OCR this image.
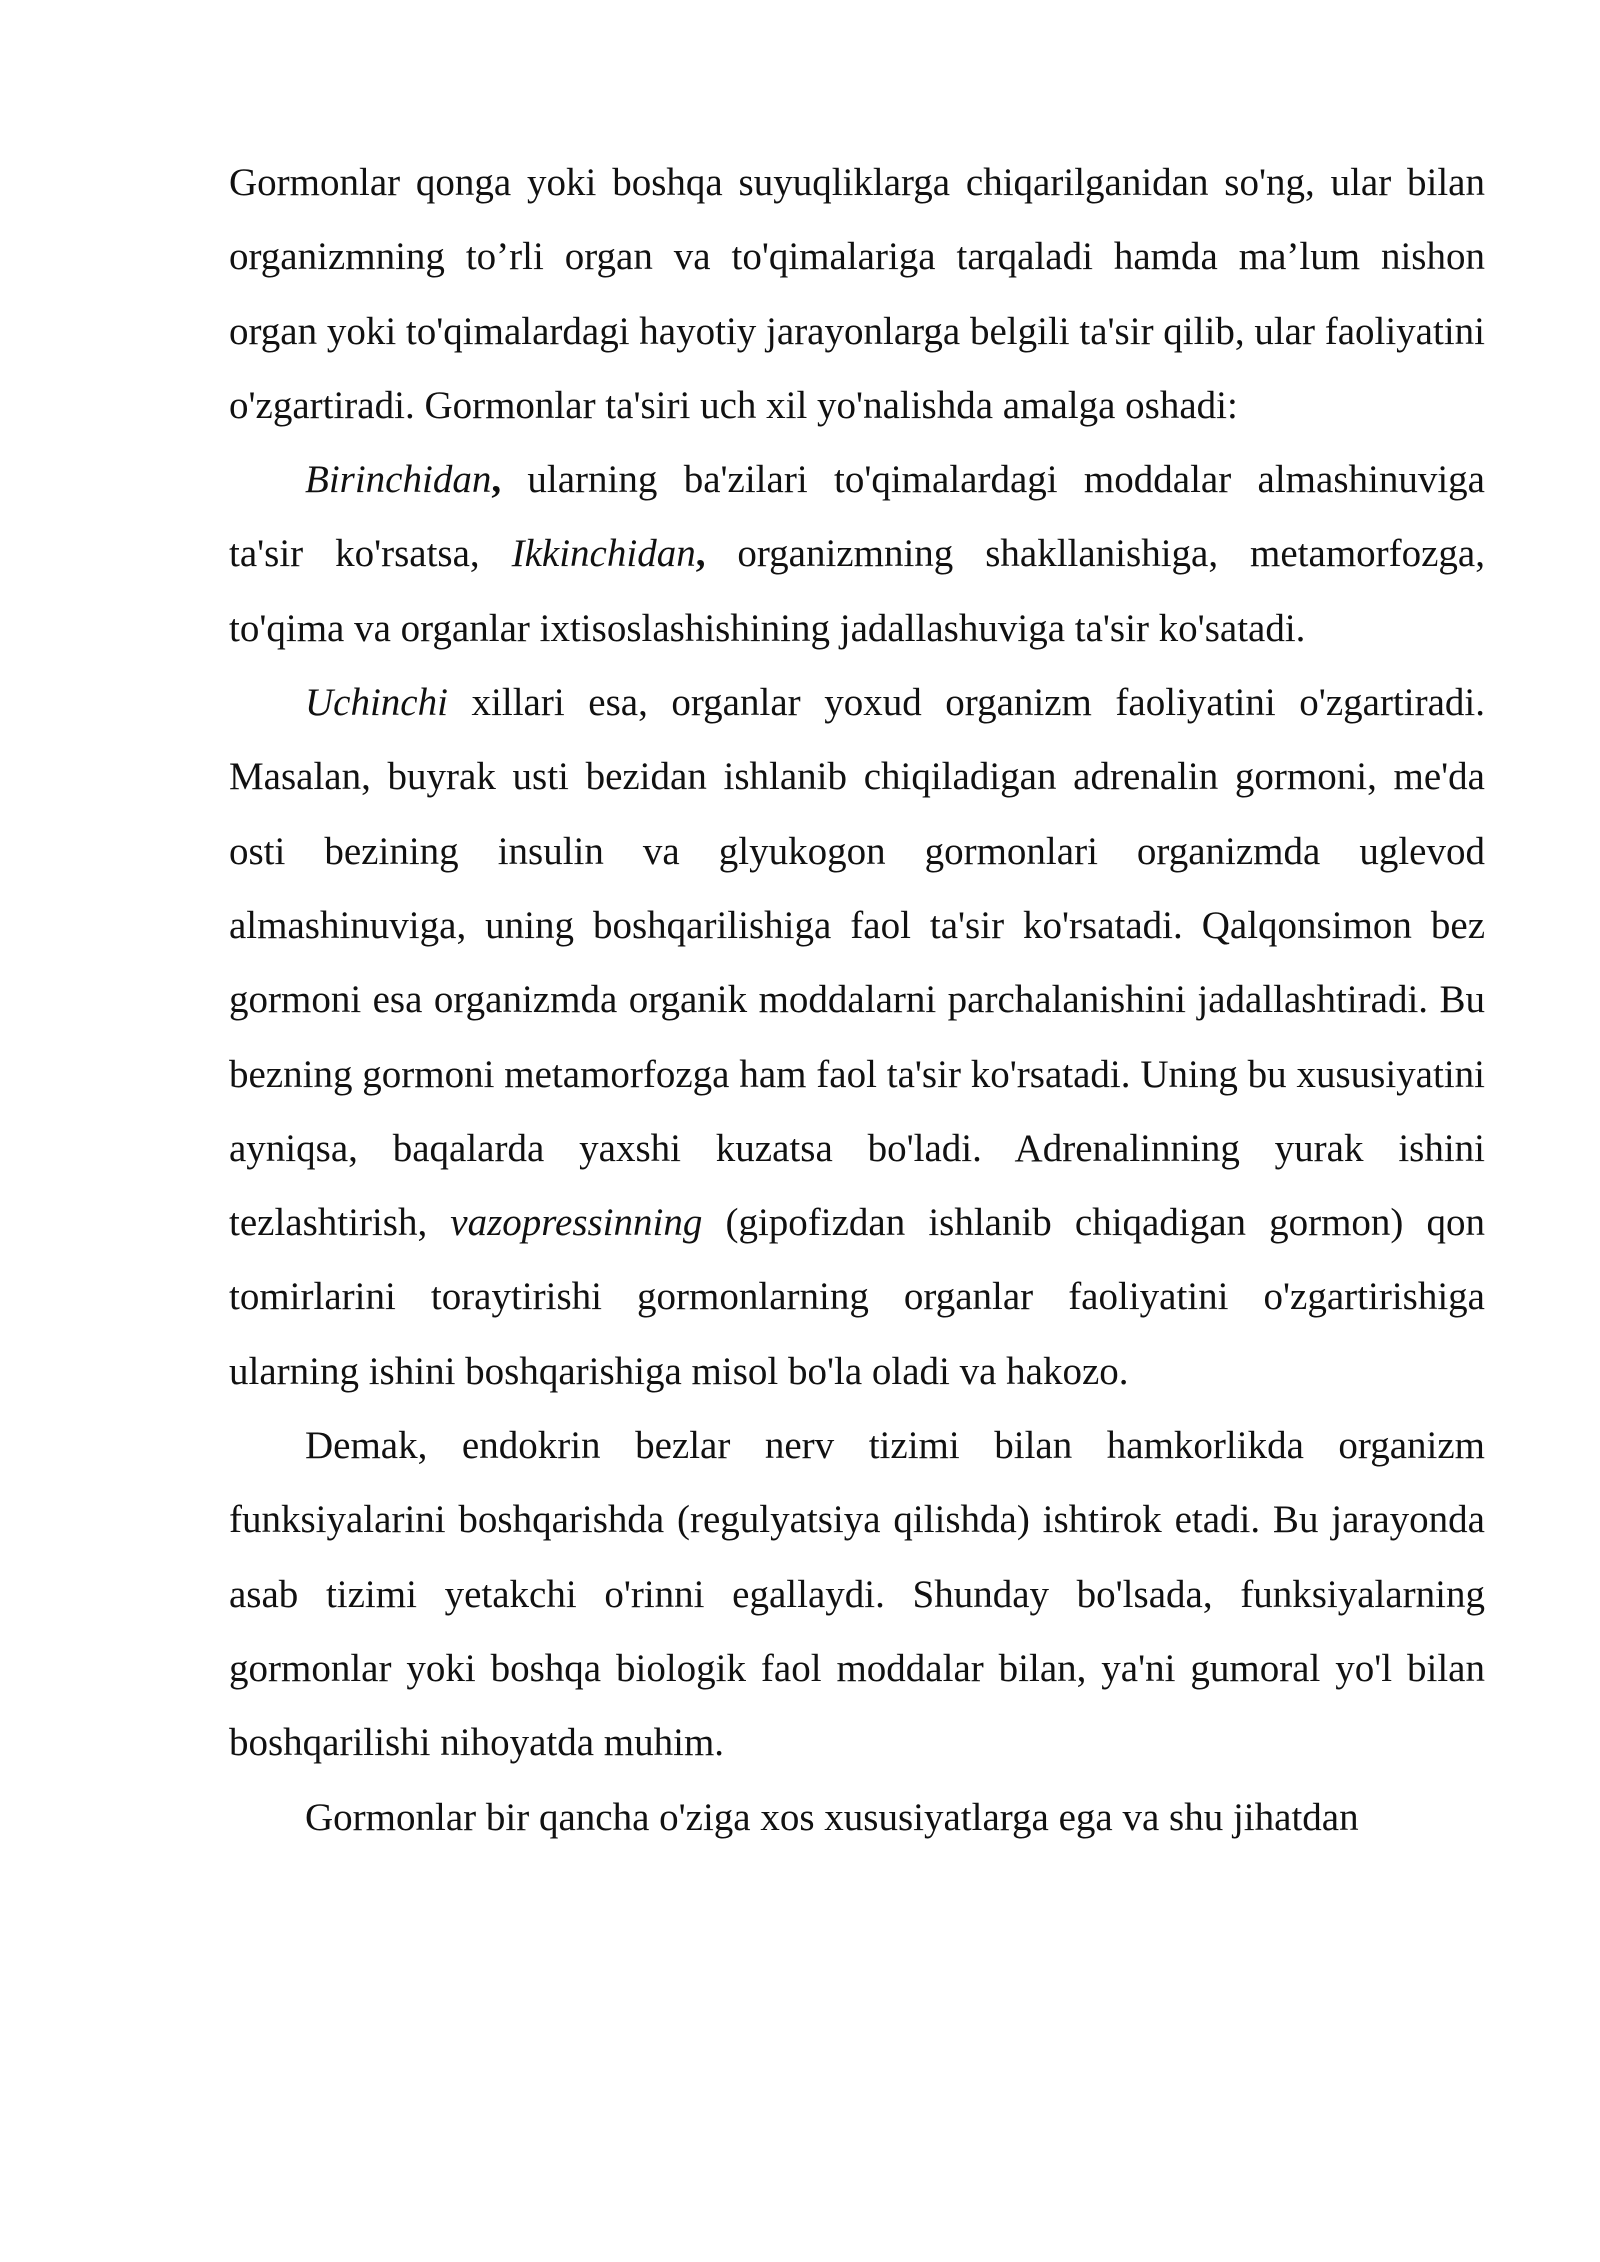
Gormonlar qonga yoki boshqa suyuqliklarga chiqarilganidan so'ng, ular bilan organizmning to’rli organ va to'qimalariga tarqaladi hamda ma’lum nishon organ yoki to'qimalardagi hayotiy jarayonlarga belgili ta'sir qilib, ular faoliyatini o'zgartiradi. Gormonlar ta'siri uch xil yo'nalishda amalga oshadi:

Birinchidan, ularning ba'zilari to'qimalardagi moddalar almashinuviga ta'sir ko'rsatsa, Ikkinchidan, organizmning shakllanishiga, metamorfozga, to'qima va organlar ixtisoslashishining jadallashuviga ta'sir ko'satadi.

Uchinchi xillari esa, organlar yoxud organizm faoliyatini o'zgartiradi. Masalan, buyrak usti bezidan ishlanib chiqiladigan adrenalin gormoni, me'da osti bezining insulin va glyukogon gormonlari organizmda uglevod almashinuviga, uning boshqarilishiga faol ta'sir ko'rsatadi. Qalqonsimon bez gormoni esa organizmda organik moddalarni parchalanishini jadallashtiradi. Bu bezning gormoni metamorfozga ham faol ta'sir ko'rsatadi. Uning bu xususiyatini ayniqsa, baqalarda yaxshi kuzatsa bo'ladi. Adrenalinning yurak ishini tezlashtirish, vazopressinning (gipofizdan ishlanib chiqadigan gormon) qon tomirlarini toraytirishi gormonlarning organlar faoliyatini o'zgartirishiga ularning ishini boshqarishiga misol bo'la oladi va hakozo.

Demak, endokrin bezlar nerv tizimi bilan hamkorlikda organizm funksiyalarini boshqarishda (regulyatsiya qilishda) ishtirok etadi. Bu jarayonda asab tizimi yetakchi o'rinni egallaydi. Shunday bo'lsada, funksiyalarning gormonlar yoki boshqa biologik faol moddalar bilan, ya'ni gumoral yo'l bilan boshqarilishi nihoyatda muhim.

Gormonlar bir qancha o'ziga xos xususiyatlarga ega va shu jihatdan
